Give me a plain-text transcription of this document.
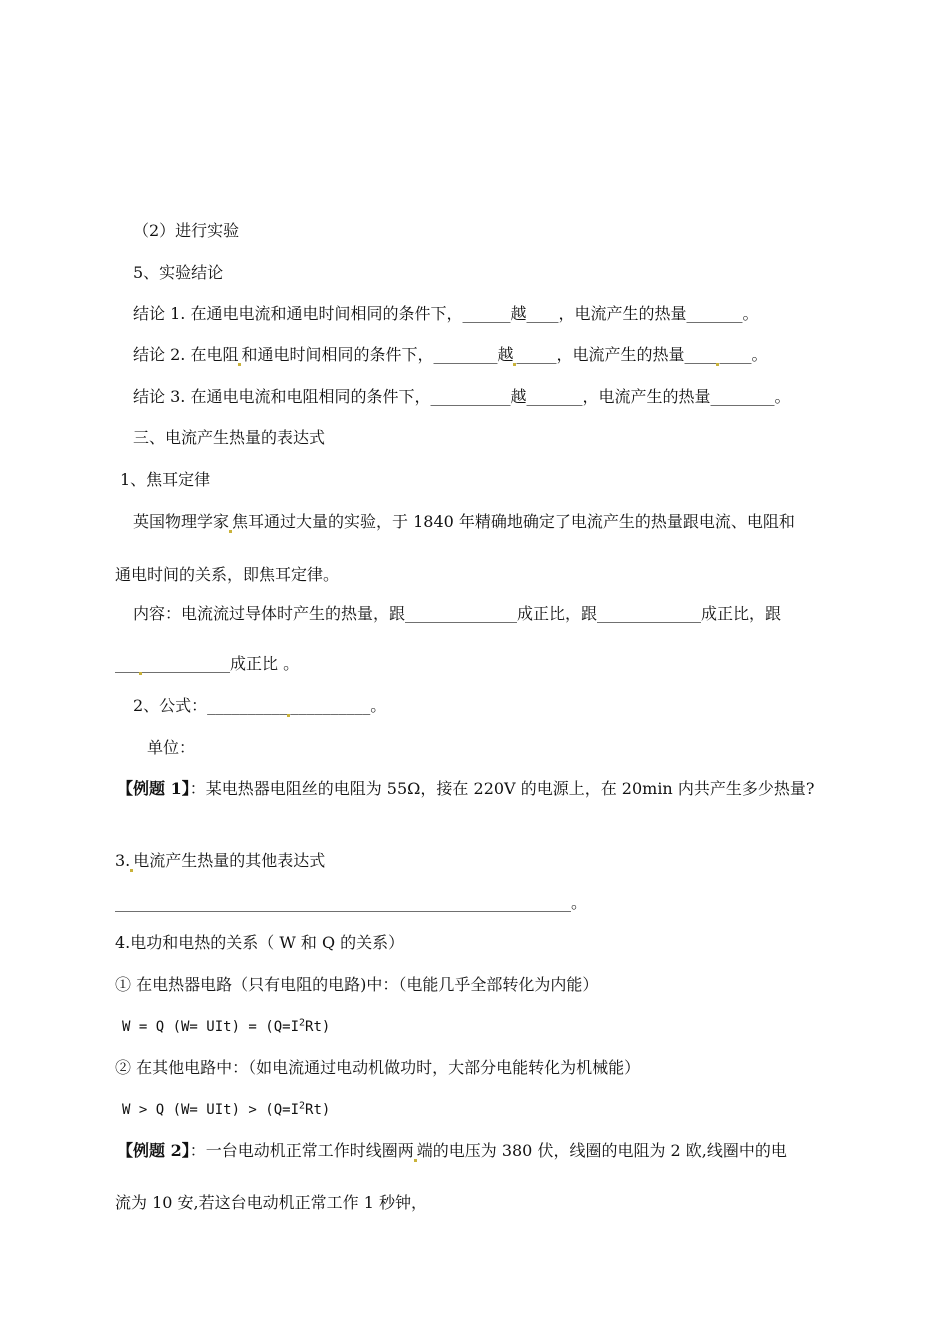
（2）进行实验
5、实验结论
结论 1. 在通电电流和通电时间相同的条件下，______越____，电流产生的热量_______。
结论 2. 在电阻 和通电时间相同的条件下，________越 _____，电流产生的热量____ ____。
结论 3. 在通电电流和电阻相同的条件下，__________越_______，电流产生的热量________。
三、电流产生热量的表达式
1、焦耳定律
英国物理学家 焦耳通过大量的实验，于 1840 年精确地确定了电流产生的热量跟电流、电阻和
通电时间的关系，即焦耳定律。
内容：电流流过导体时产生的热量，跟______________成正比，跟_____________成正比，跟
___ ___________成正比 。
2、公式：__________ __________。
单位：
【例题 1】：某电热器电阻丝的电阻为 55Ω，接在 220V 的电源上，在 20min 内共产生多少热量?
3. 电流产生热量的其他表达式
_________________________________________________________。
4.电功和电热的关系（ W 和 Q 的关系）
① 在电热器电路（只有电阻的电路)中：（电能几乎全部转化为内能）
W = Q $(W= UIt) = (Q=I^2Rt)$
② 在其他电路中：（如电流通过电动机做功时，大部分电能转化为机械能）
W > Q $(W= UIt) > (Q=I^2Rt)$
【例题 2】：一台电动机正常工作时线圈两 端的电压为 380 伏，线圈的电阻为 2 欧,线圈中的电
流为 10 安,若这台电动机正常工作 1 秒钟，
